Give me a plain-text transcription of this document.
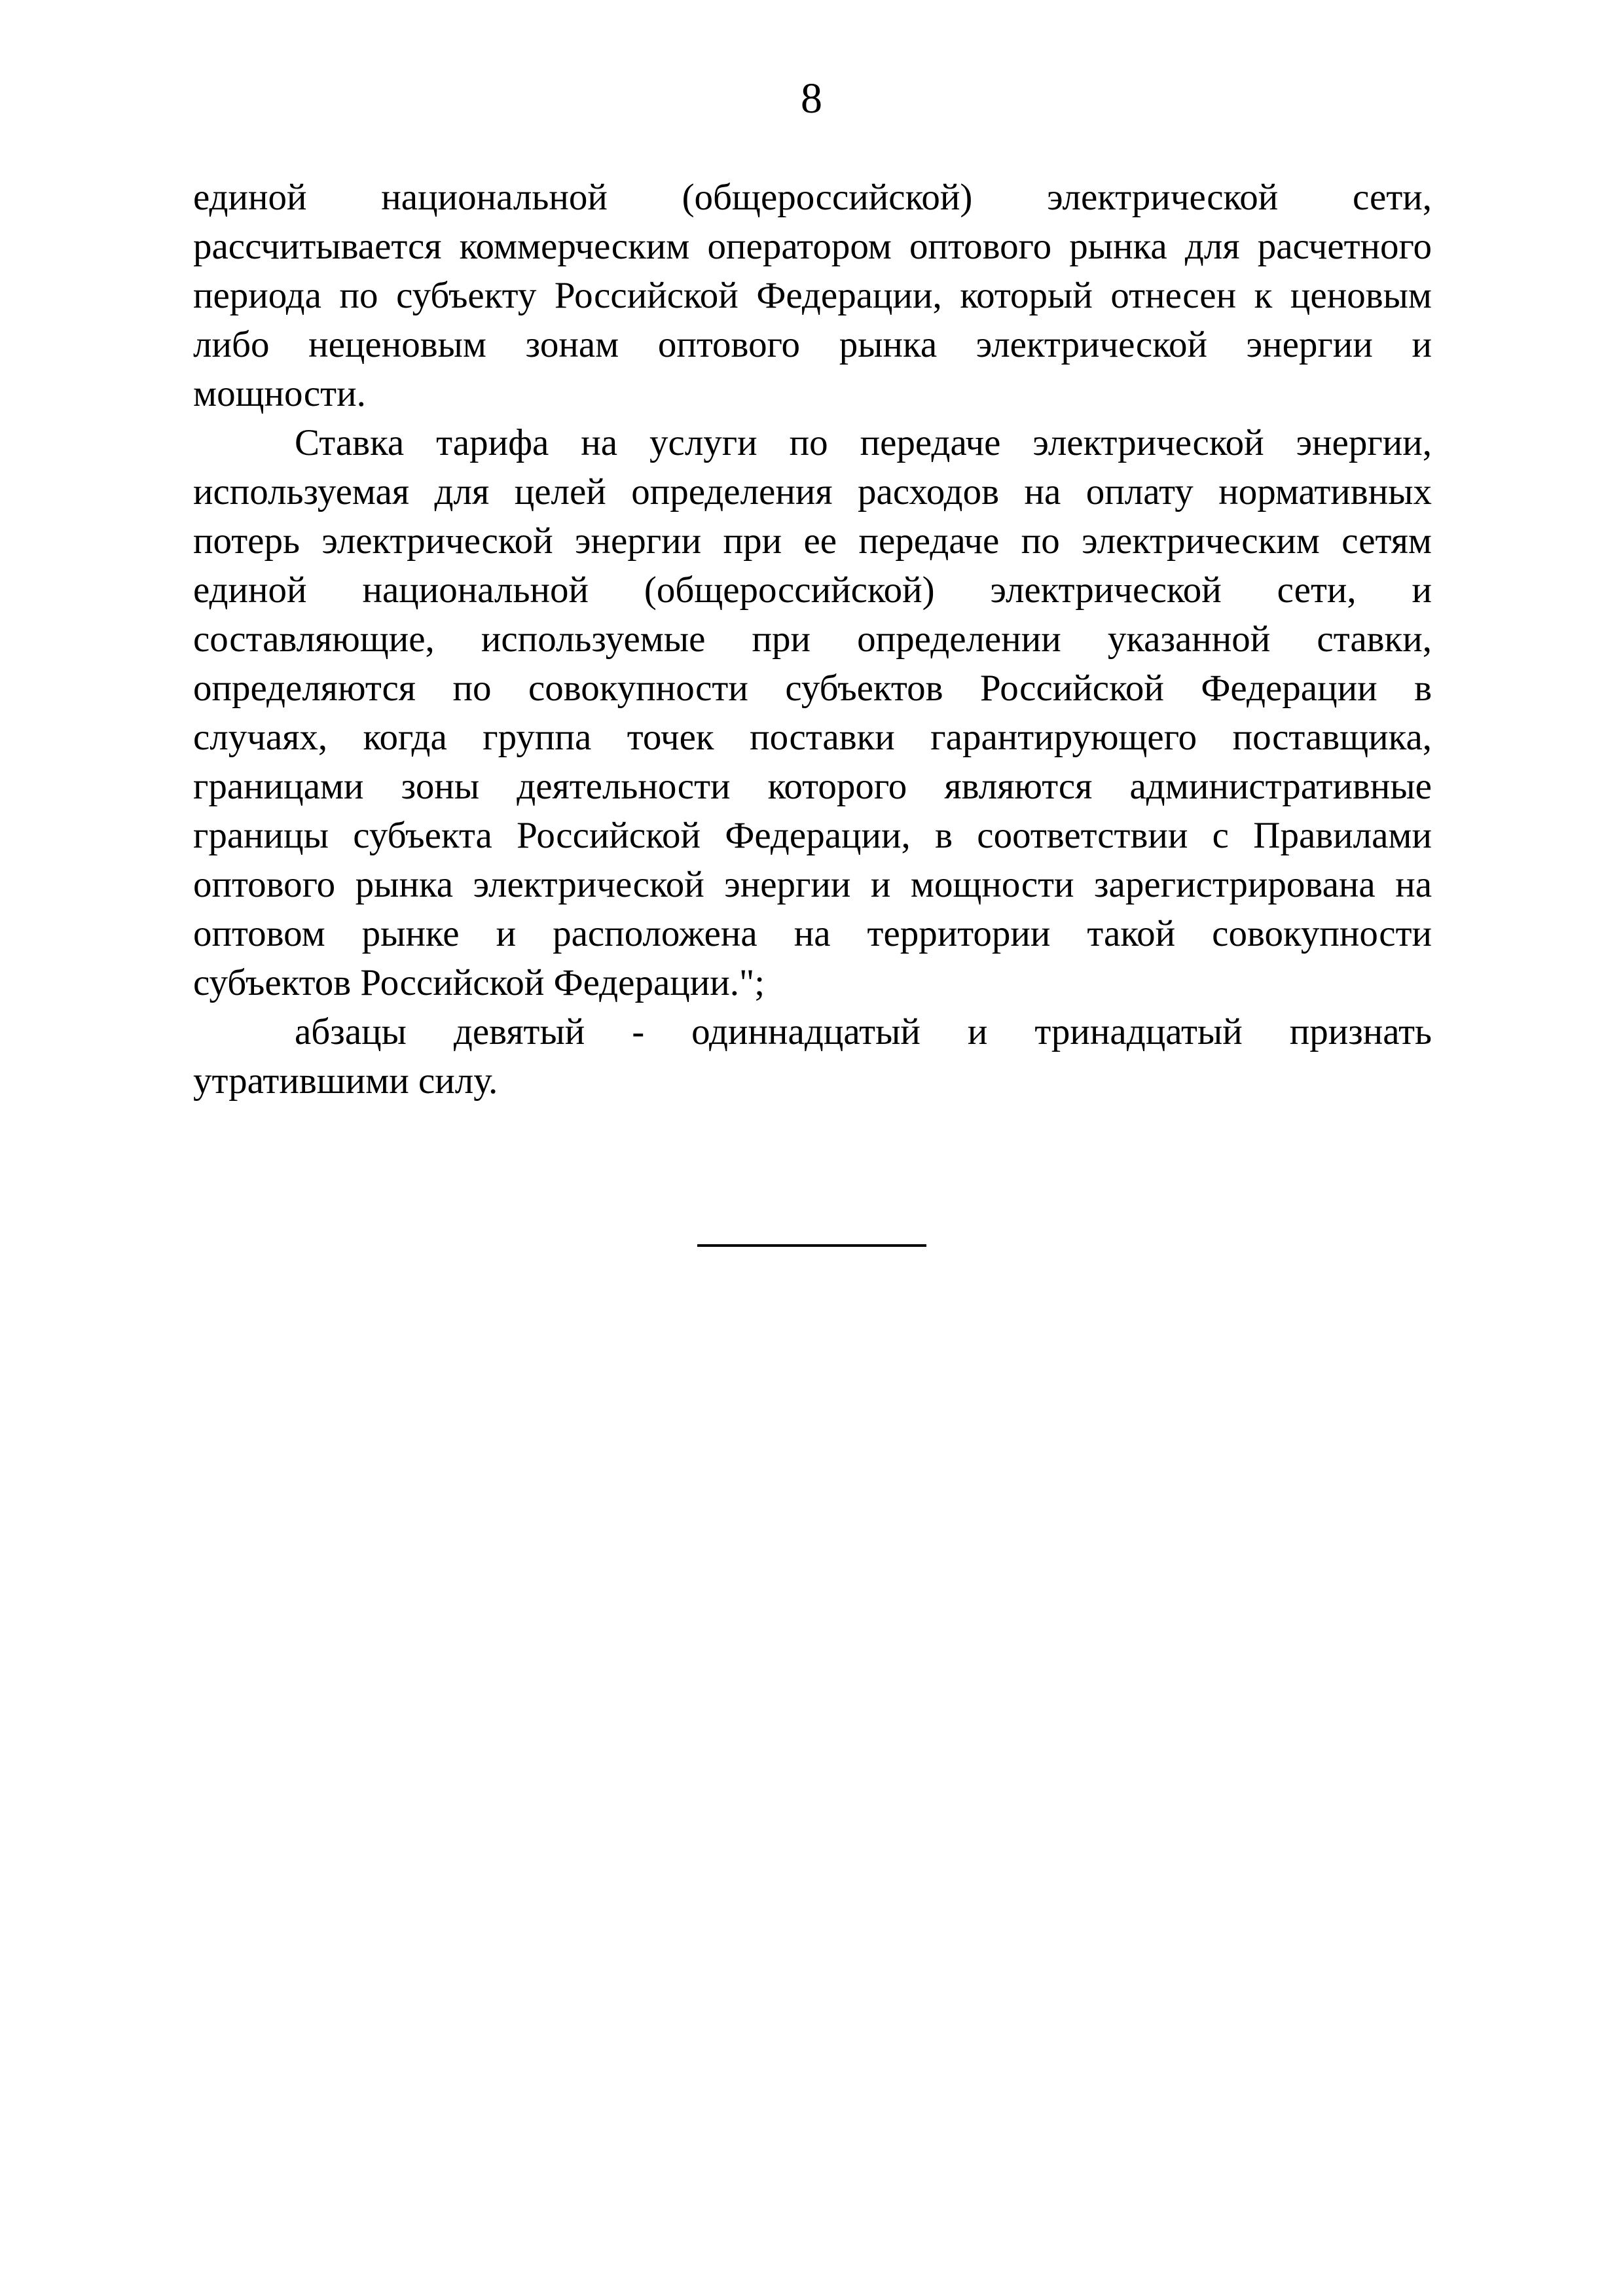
8
единой национальной (общероссийской) электрической сети,
рассчитывается коммерческим оператором оптового рынка для расчетного
периода по субъекту Российской Федерации, который отнесен к ценовым
либо неценовым зонам оптового рынка электрической энергии и
мощности.
Ставка тарифа на услуги по передаче электрической энергии,
используемая для целей определения расходов на оплату нормативных
потерь электрической энергии при ее передаче по электрическим сетям
единой национальной (общероссийской) электрической сети, и
составляющие, используемые при определении указанной ставки,
определяются по совокупности субъектов Российской Федерации в
случаях, когда группа точек поставки гарантирующего поставщика,
границами зоны деятельности которого являются административные
границы субъекта Российской Федерации, в соответствии с Правилами
оптового рынка электрической энергии и мощности зарегистрирована на
оптовом рынке и расположена на территории такой совокупности
субъектов Российской Федерации.";
абзацы девятый - одиннадцатый и тринадцатый признать
утратившими силу.
